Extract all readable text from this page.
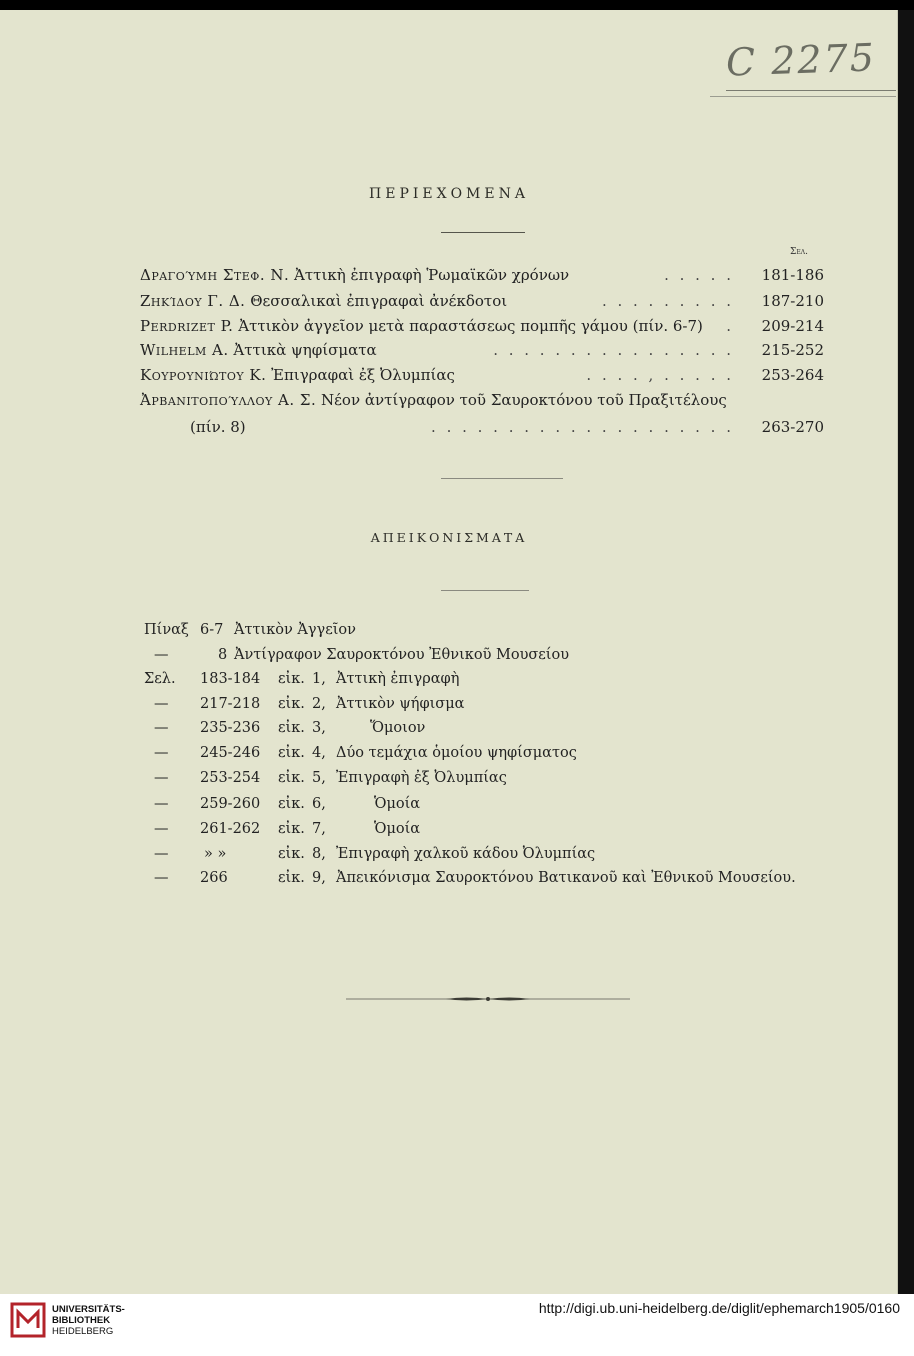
C 2275
ΠΕΡΙΕΧΟΜΕΝΑ
Σελ.
Δραγούμη Στεφ. Ν. Ἀττικὴ ἐπιγραφὴ Ῥωμαϊκῶν χρόνων	. . . . . 181-186
Ζηκίδου Γ. Δ. Θεσσαλικαὶ ἐπιγραφαὶ ἀνέκδοτοι	. . . . . . . . . 187-210
Perdrizet P. Ἀττικὸν ἀγγεῖον μετὰ παραστάσεως πομπῆς γάμου (πίν. 6-7) . 209-214
Wilhelm A. Ἀττικὰ ψηφίσματα	. . . . . . . . . . . . . . . . 215-252
Κουρουνιώτου Κ. Ἐπιγραφαὶ ἐξ Ὀλυμπίας	. . . . , . . . . . 253-264
Ἀρβανιτοπούλλου Α. Σ. Νέον ἀντίγραφον τοῦ Σαυροκτόνου τοῦ Πραξιτέλους
(πίν. 8)	. . . . . . . . . . . . . . . . . . . . 263-270
ΑΠΕΙΚΟΝΙΣΜΑΤΑ
Πίναξ 6-7 Ἀττικὸν Ἀγγεῖον
—	8 Ἀντίγραφον Σαυροκτόνου Ἐθνικοῦ Μουσείου
Σελ. 183-184 εἰκ. 1, Ἀττικὴ ἐπιγραφὴ
— 217-218 εἰκ. 2, Ἀττικὸν ψήφισμα
— 235-236 εἰκ. 3,	Ὅμοιον
— 245-246 εἰκ. 4, Δύο τεμάχια ὁμοίου ψηφίσματος
— 253-254 εἰκ. 5, Ἐπιγραφὴ ἐξ Ὀλυμπίας
— 259-260 εἰκ. 6,	Ὁμοία
— 261-262 εἰκ. 7,	Ὁμοία
— » »	εἰκ. 8, Ἐπιγραφὴ χαλκοῦ κάδου Ὀλυμπίας
— 266	εἰκ. 9, Ἀπεικόνισμα Σαυροκτόνου Βατικανοῦ καὶ Ἐθνικοῦ Μουσείου.
UNIVERSITÄTS-
BIBLIOTHEK
HEIDELBERG
http://digi.ub.uni-heidelberg.de/diglit/ephemarch1905/0160
